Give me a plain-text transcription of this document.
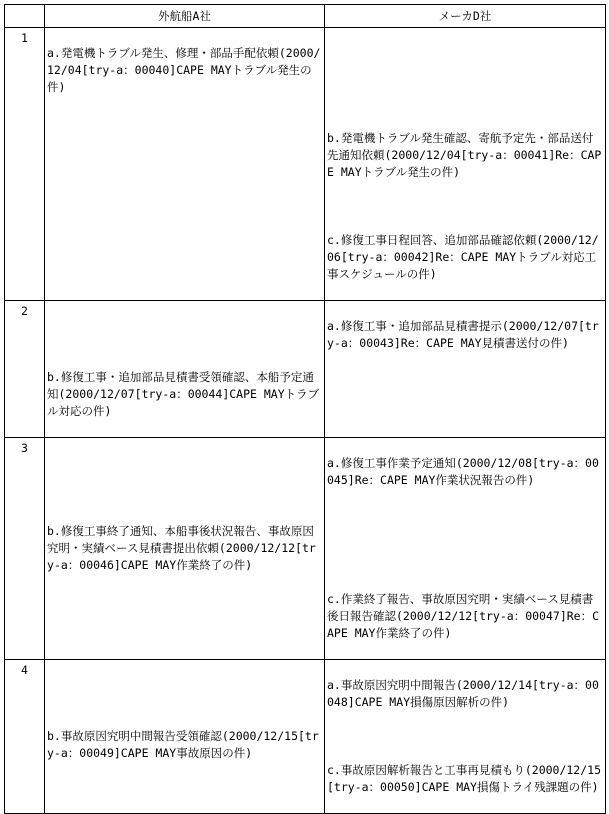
	外航船A社	メーカD社
1	a.発電機トラブル発生、修理・部品手配依頼(2000/12/04[try-a：00040]CAPE MAYトラブル発生の件)	b.発電機トラブル発生確認、寄航予定先・部品送付先通知依頼(2000/12/04[try-a：00041]Re：CAPE MAYトラブル発生の件)

c.修復工事日程回答、追加部品確認依頼(2000/12/06[try-a：00042]Re：CAPE MAYトラブル対応工事スケジュールの件)

2	b.修復工事・追加部品見積書受領確認、本船予定通知(2000/12/07[try-a：00044]CAPE MAYトラブル対応の件)	a.修復工事・追加部品見積書提示(2000/12/07[try-a：00043]Re：CAPE MAY見積書送付の件)

3	b.修復工事終了通知、本船事後状況報告、事故原因究明・実績ベース見積書提出依頼(2000/12/12[try-a：00046]CAPE MAY作業終了の件)	a.修復工事作業予定通知(2000/12/08[try-a：00045]Re：CAPE MAY作業状況報告の件)

c.作業終了報告、事故原因究明・実績ベース見積書後日報告確認(2000/12/12[try-a：00047]Re：CAPE MAY作業終了の件)

4	b.事故原因究明中間報告受領確認(2000/12/15[try-a：00049]CAPE MAY事故原因の件)	a.事故原因究明中間報告(2000/12/14[try-a：00048]CAPE MAY損傷原因解析の件)

c.事故原因解析報告と工事再見積もり(2000/12/15[try-a：00050]CAPE MAY損傷トライ残課題の件)
